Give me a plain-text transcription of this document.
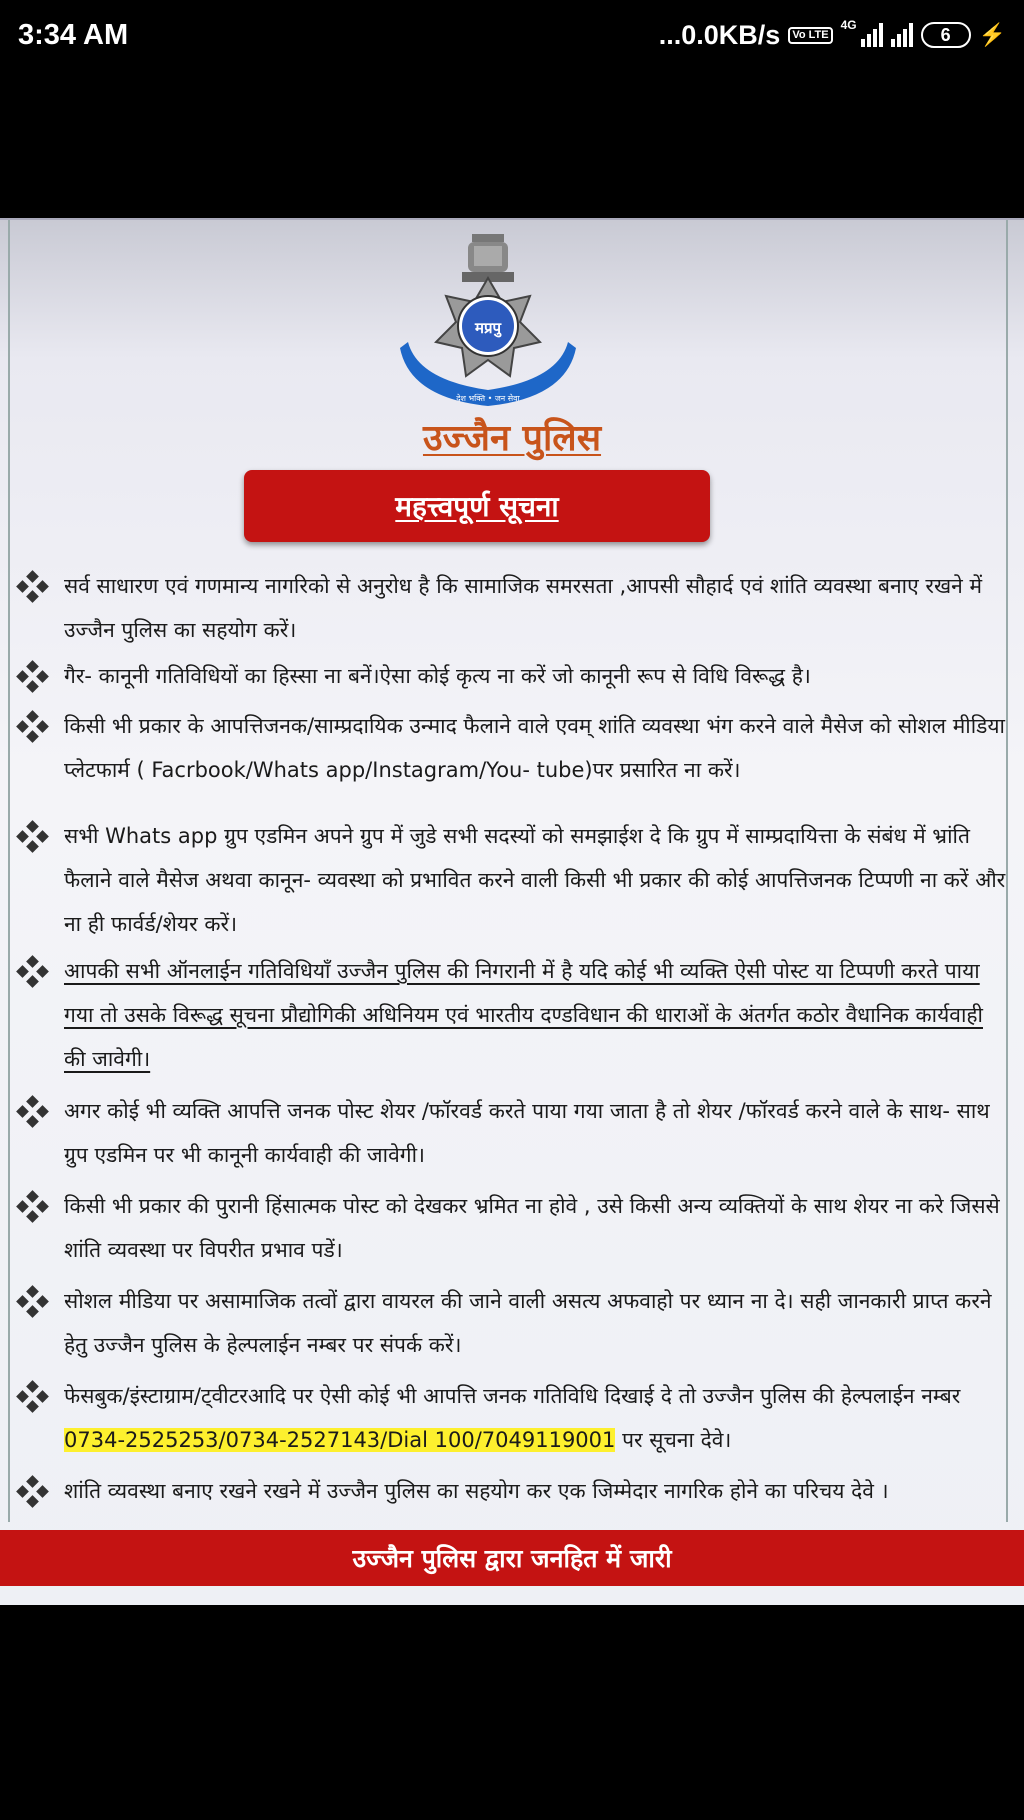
3:34 AM	...0.0KB/s	Vo LTE
4G	6	⚡
मप्रपु
देश भक्ति • जन सेवा
उज्जैन पुलिस
महत्त्वपूर्ण सूचना
सर्व साधारण एवं गणमान्य नागरिको से अनुरोध है कि सामाजिक समरसता ,आपसी सौहार्द एवं शांति व्यवस्था बनाए रखने में उज्जैन पुलिस का सहयोग करें।
गैर- कानूनी गतिविधियों का हिस्सा ना बनें।ऐसा कोई कृत्य ना करें जो कानूनी रूप से विधि विरूद्ध है।
किसी भी प्रकार के आपत्तिजनक/साम्प्रदायिक उन्माद फैलाने वाले एवम् शांति व्यवस्था भंग करने वाले मैसेज को सोशल मीडिया प्लेटफार्म ( Facrbook/Whats app/Instagram/You- tube)पर प्रसारित ना करें।
सभी Whats app ग्रुप एडमिन अपने ग्रुप में जुडे सभी सदस्यों को समझाईश दे कि ग्रुप में साम्प्रदायित्ता के संबंध में भ्रांति फैलाने वाले मैसेज अथवा कानून- व्यवस्था को प्रभावित करने वाली किसी भी प्रकार की कोई आपत्तिजनक टिप्पणी ना करें और ना ही फार्वर्ड/शेयर करें।
आपकी सभी ऑनलाईन गतिविधियॉं उज्जैन पुलिस की निगरानी में है यदि कोई भी व्यक्ति ऐसी पोस्ट या टिप्पणी करते पाया गया तो उसके विरूद्ध सूचना प्रौद्योगिकी अधिनियम एवं भारतीय दण्डविधान की धाराओं के अंतर्गत कठोर वैधानिक कार्यवाही की जावेगी।
अगर कोई भी व्यक्ति आपत्ति जनक पोस्ट शेयर /फॉरवर्ड करते पाया गया जाता है तो शेयर /फॉरवर्ड करने वाले के साथ- साथ ग्रुप एडमिन पर भी कानूनी कार्यवाही की जावेगी।
किसी भी प्रकार की पुरानी हिंसात्मक पोस्ट को देखकर भ्रमित ना होवे , उसे किसी अन्य व्यक्तियों के साथ शेयर ना करे जिससे शांति व्यवस्था पर विपरीत प्रभाव पडें।
सोशल मीडिया पर असामाजिक तत्वों द्वारा वायरल की जाने वाली असत्य अफवाहो पर ध्यान ना दे। सही जानकारी प्राप्त करने हेतु उज्जैन पुलिस के हेल्पलाईन नम्बर पर संपर्क करें।
फेसबुक/इंस्टाग्राम/ट्वीटरआदि पर ऐसी कोई भी आपत्ति जनक गतिविधि दिखाई दे तो उज्जैन पुलिस की हेल्पलाईन नम्बर 0734-2525253/0734-2527143/Dial 100/7049119001 पर सूचना देवे।
शांति व्यवस्था बनाए रखने रखने में उज्जैन पुलिस का सहयोग कर एक जिम्मेदार नागरिक होने का परिचय देवे ।
उज्जैन पुलिस द्वारा जनहित में जारी
